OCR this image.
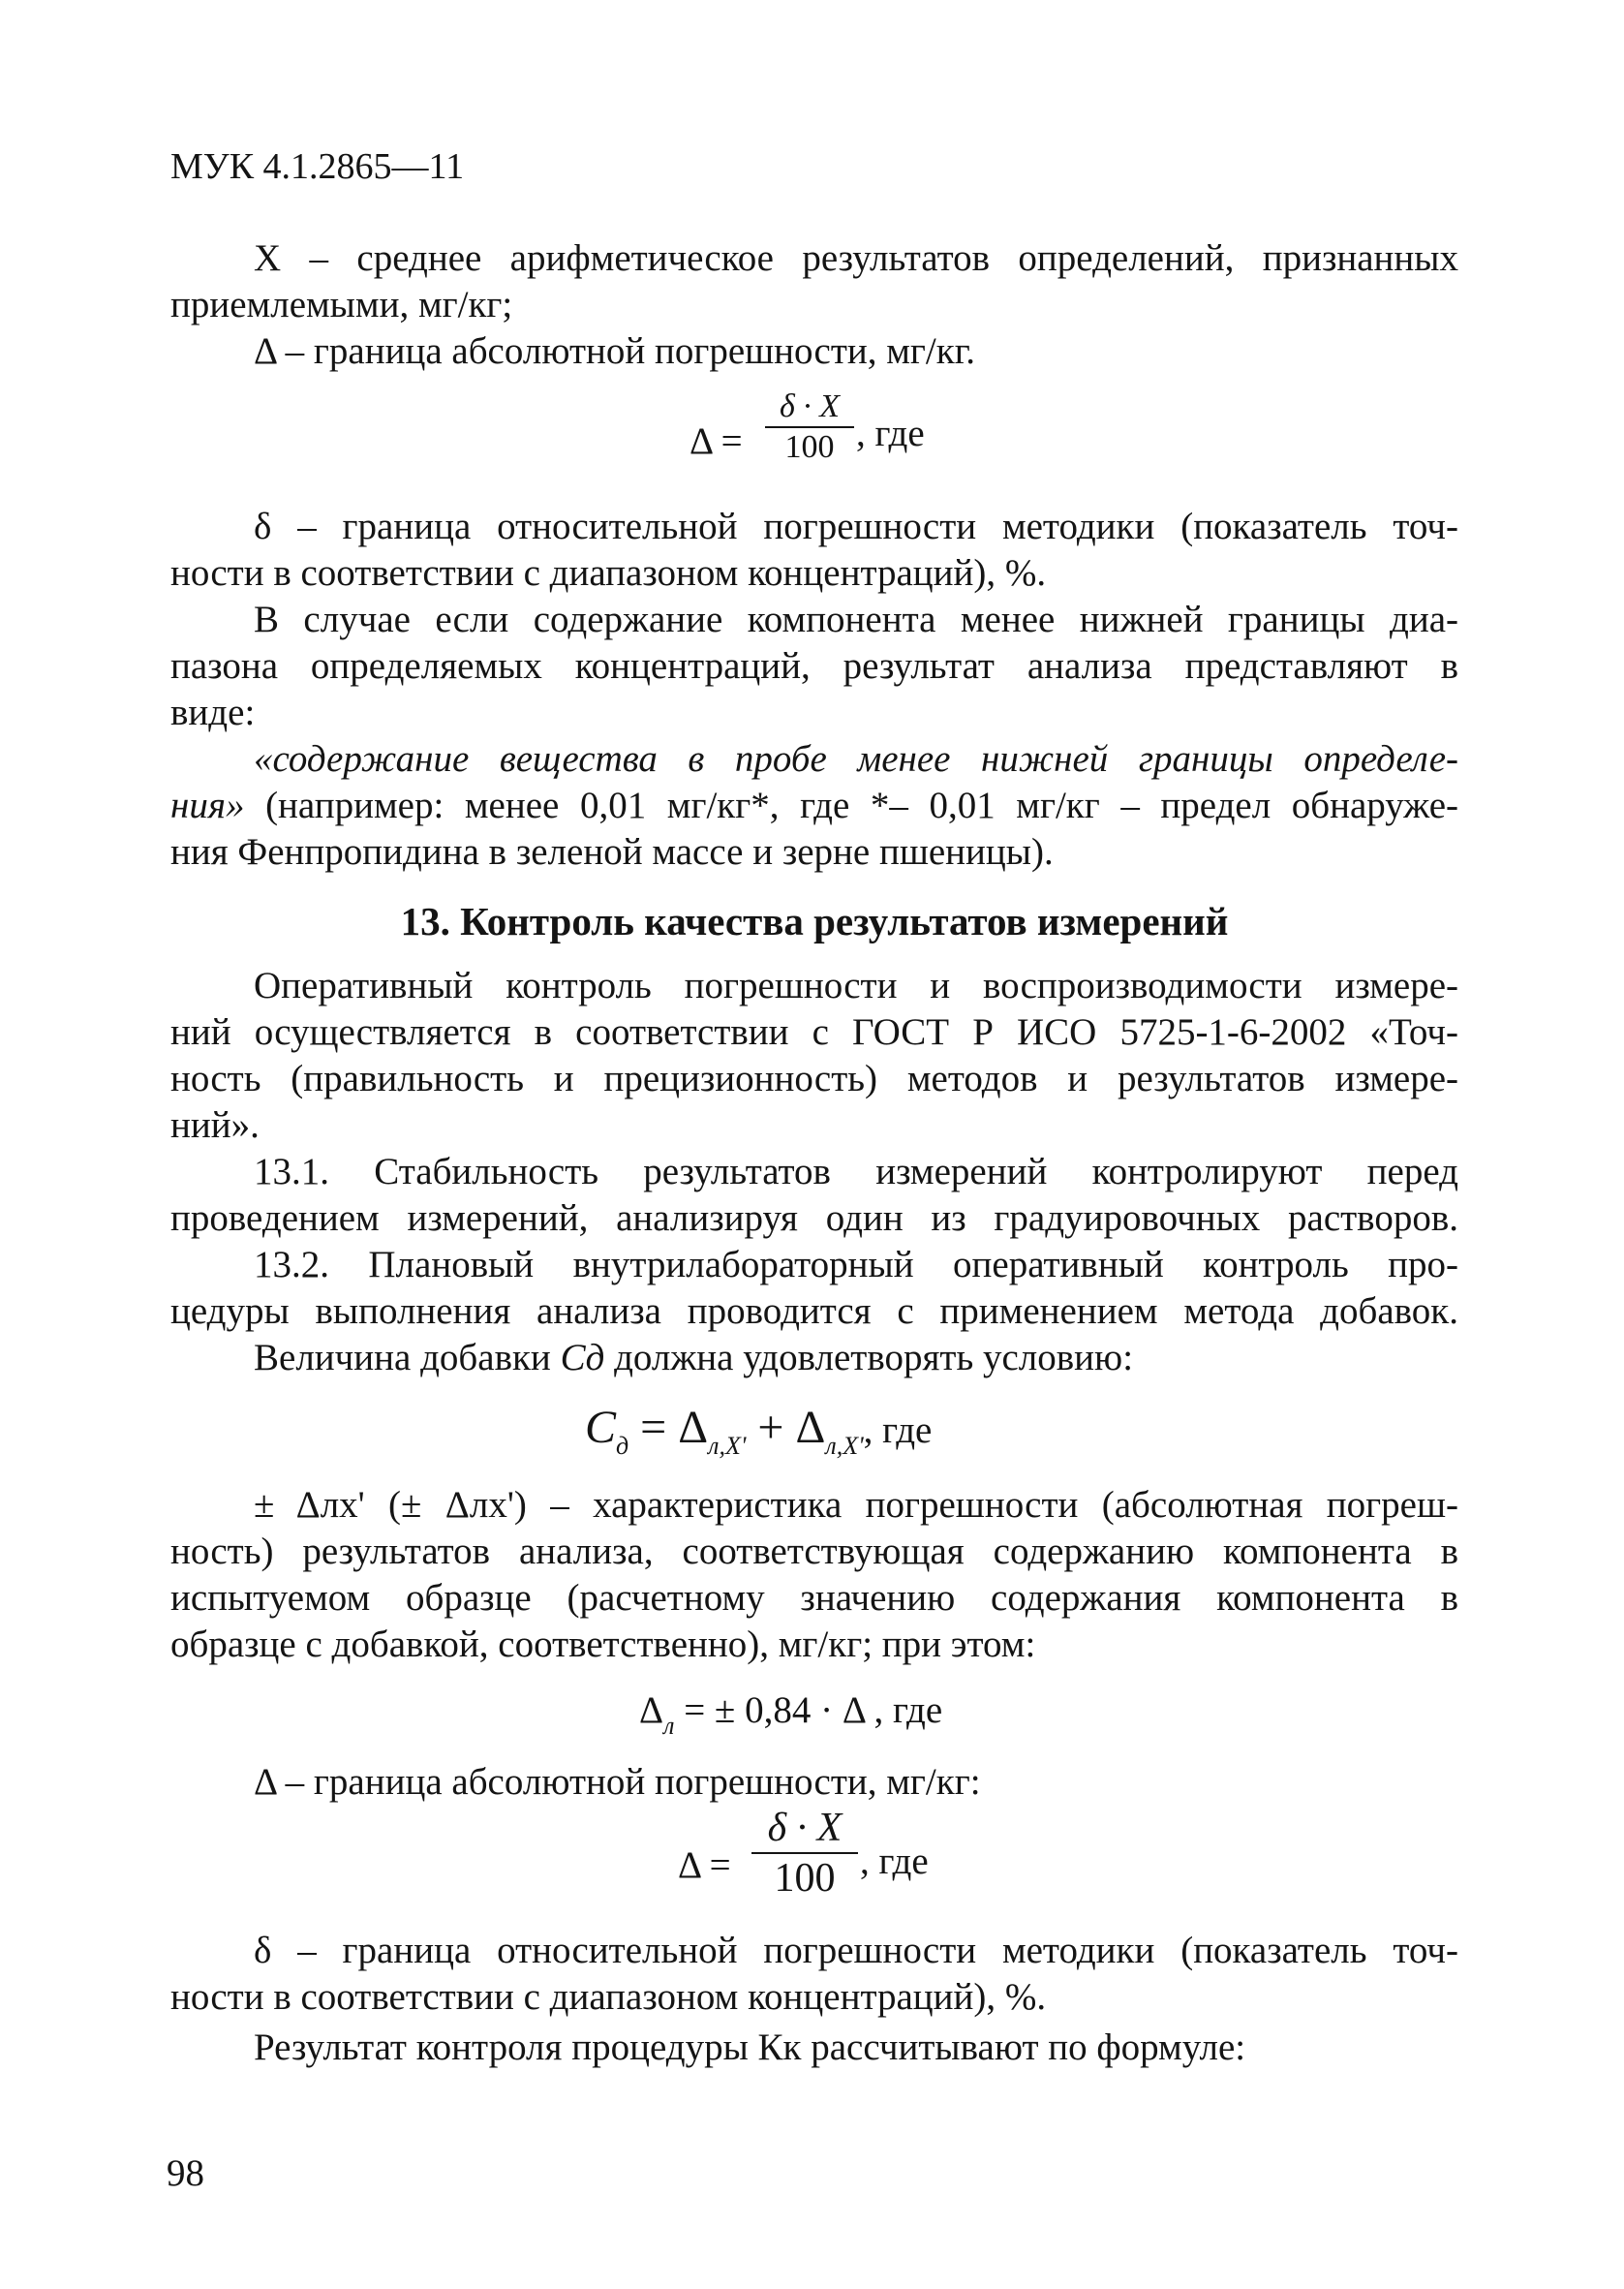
МУК 4.1.2865—11
X – среднее арифметическое результатов определений, признанных
приемлемыми, мг/кг;
Δ – граница абсолютной погрешности, мг/кг.
Δ =
δ · X
100 , где
δ – граница относительной погрешности методики (показатель точ-
ности в соответствии с диапазоном концентраций), %.
В случае если содержание компонента менее нижней границы диа-
пазона определяемых концентраций, результат анализа представляют в
виде:
«содержание вещества в пробе менее нижней границы определе-
ния» (например: менее 0,01 мг/кг*, где *– 0,01 мг/кг – предел обнаруже-
ния Фенпропидина в зеленой массе и зерне пшеницы).
13. Контроль качества результатов измерений
Оперативный контроль погрешности и воспроизводимости измере-
ний осуществляется в соответствии с ГОСТ Р ИСО 5725-1-6-2002 «Точ-
ность (правильность и прецизионность) методов и результатов измере-
ний».
13.1. Стабильность результатов измерений контролируют перед
проведением измерений, анализируя один из градуировочных растворов.
13.2. Плановый внутрилабораторный оперативный контроль про-
цедуры выполнения анализа проводится с применением метода добавок.
Величина добавки Cд должна удовлетворять условию:
$C_д = \Delta_{л,X'} + \Delta_{л,X'}$, где
± Δлх' (± Δлх') – характеристика погрешности (абсолютная погреш-
ность) результатов анализа, соответствующая содержанию компонента в
испытуемом образце (расчетному значению содержания компонента в
образце с добавкой, соответственно), мг/кг; при этом:
$\Delta_л$ = ± 0,84 · Δ , где
Δ – граница абсолютной погрешности, мг/кг:
Δ =
δ · X
100 , где
δ – граница относительной погрешности методики (показатель точ-
ности в соответствии с диапазоном концентраций), %.
Результат контроля процедуры Кк рассчитывают по формуле:
98
